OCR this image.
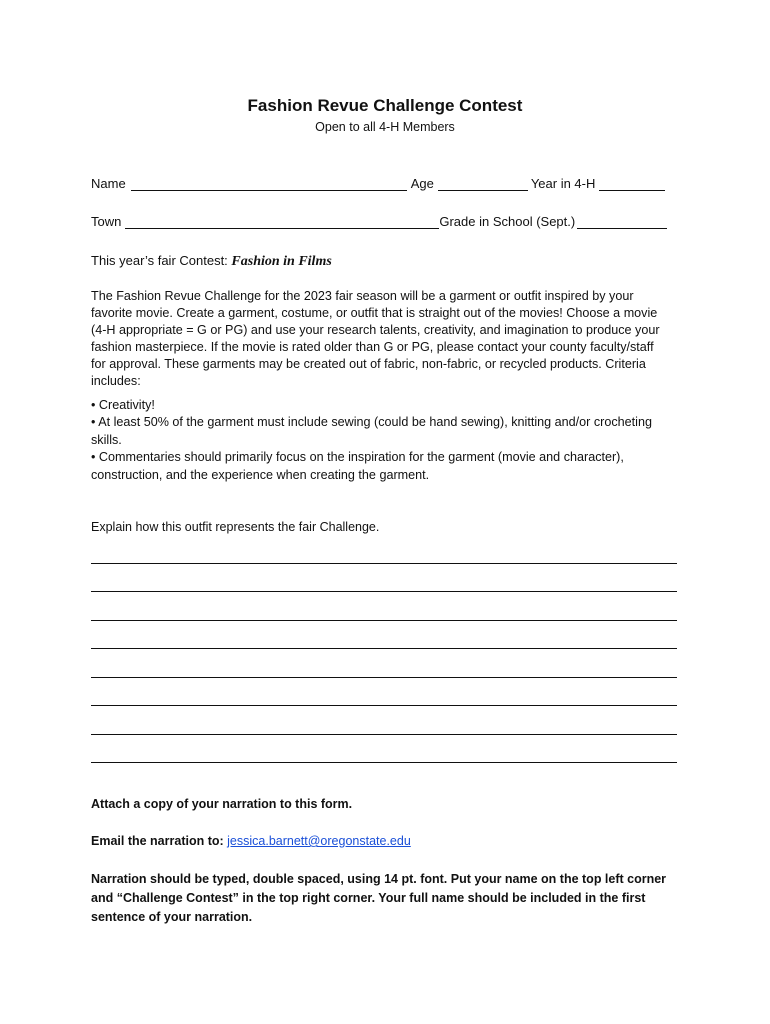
Fashion Revue Challenge Contest
Open to all 4-H Members
Name	Age	Year in 4-H
Town	Grade in School (Sept.)
This year’s fair Contest: Fashion in Films
The Fashion Revue Challenge for the 2023 fair season will be a garment or outfit inspired by your favorite movie. Create a garment, costume, or outfit that is straight out of the movies! Choose a movie (4-H appropriate = G or PG) and use your research talents, creativity, and imagination to produce your fashion masterpiece. If the movie is rated older than G or PG, please contact your county faculty/staff for approval. These garments may be created out of fabric, non-fabric, or recycled products. Criteria includes:
• Creativity!
• At least 50% of the garment must include sewing (could be hand sewing), knitting and/or crocheting skills.
• Commentaries should primarily focus on the inspiration for the garment (movie and character),
construction, and the experience when creating the garment.
Explain how this outfit represents the fair Challenge.
Attach a copy of your narration to this form.
Email the narration to: jessica.barnett@oregonstate.edu
Narration should be typed, double spaced, using 14 pt. font. Put your name on the top left corner and “Challenge Contest” in the top right corner. Your full name should be included in the first sentence of your narration.
